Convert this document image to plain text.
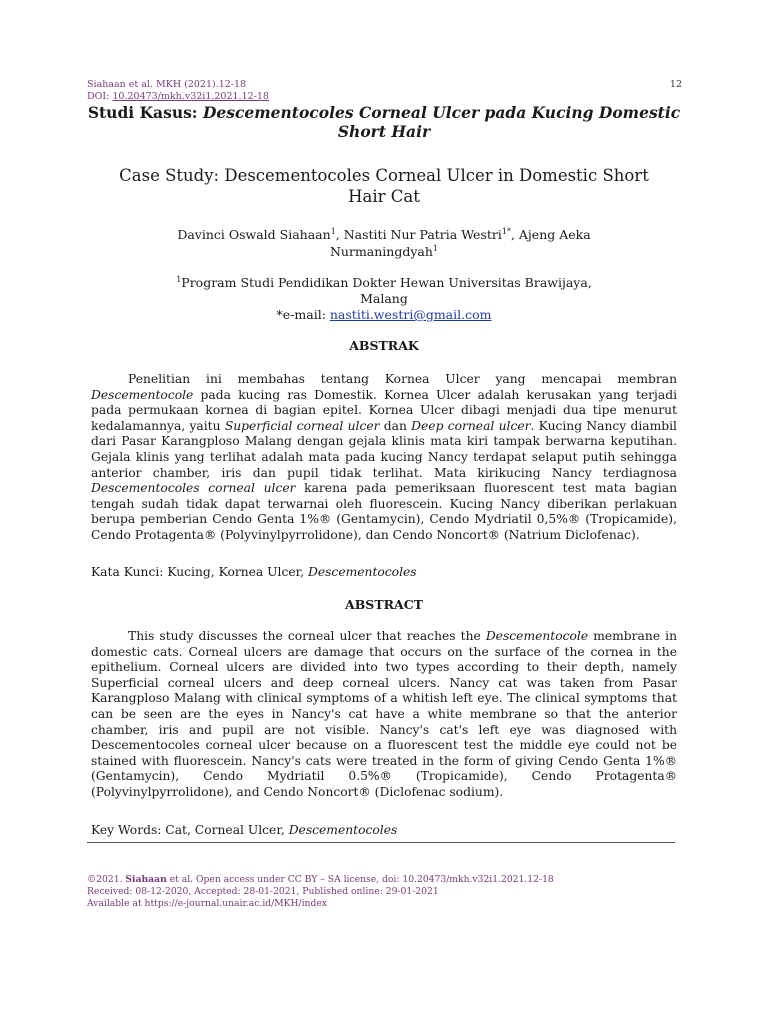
Siahaan et al. MKH (2021).12-18
DOI: 10.20473/mkh.v32i1.2021.12-18
12
Studi Kasus: Descementocoles Corneal Ulcer pada Kucing Domestic
Short Hair
Case Study: Descementocoles Corneal Ulcer in Domestic Short Hair Cat
Davinci Oswald Siahaan$^1$, Nastiti Nur Patria Westri$^{1*}$, Ajeng Aeka Nurmaningdyah$^1$
$^1$Program Studi Pendidikan Dokter Hewan Universitas Brawijaya,
Malang
*e-mail: nastiti.westri@gmail.com
ABSTRAK
Penelitian ini membahas tentang Kornea Ulcer yang mencapai membran Descementocole pada kucing ras Domestik. Kornea Ulcer adalah kerusakan yang terjadi pada permukaan kornea di bagian epitel. Kornea Ulcer dibagi menjadi dua tipe menurut kedalamannya, yaitu Superficial corneal ulcer dan Deep corneal ulcer. Kucing Nancy diambil dari Pasar Karangploso Malang dengan gejala klinis mata kiri tampak berwarna keputihan. Gejala klinis yang terlihat adalah mata pada kucing Nancy terdapat selaput putih sehingga anterior chamber, iris dan pupil tidak terlihat. Mata kirikucing Nancy terdiagnosa Descementocoles corneal ulcer karena pada pemeriksaan fluorescent test mata bagian tengah sudah tidak dapat terwarnai oleh fluorescein. Kucing Nancy diberikan perlakuan berupa pemberian Cendo Genta 1%® (Gentamycin), Cendo Mydriatil 0,5%® (Tropicamide), Cendo Protagenta® (Polyvinylpyrrolidone), dan Cendo Noncort® (Natrium Diclofenac).
Kata Kunci: Kucing, Kornea Ulcer, Descementocoles
ABSTRACT
This study discusses the corneal ulcer that reaches the Descementocole membrane in domestic cats. Corneal ulcers are damage that occurs on the surface of the cornea in the epithelium. Corneal ulcers are divided into two types according to their depth, namely Superficial corneal ulcers and deep corneal ulcers. Nancy cat was taken from Pasar Karangploso Malang with clinical symptoms of a whitish left eye. The clinical symptoms that can be seen are the eyes in Nancy's cat have a white membrane so that the anterior chamber, iris and pupil are not visible. Nancy's cat's left eye was diagnosed with Descementocoles corneal ulcer because on a fluorescent test the middle eye could not be stained with fluorescein. Nancy's cats were treated in the form of giving Cendo Genta 1%® (Gentamycin), Cendo Mydriatil 0.5%® (Tropicamide), Cendo Protagenta® (Polyvinylpyrrolidone), and Cendo Noncort® (Diclofenac sodium).
Key Words: Cat, Corneal Ulcer, Descementocoles
©2021. Siahaan et al. Open access under CC BY – SA license, doi: 10.20473/mkh.v32i1.2021.12-18
Received: 08-12-2020, Accepted: 28-01-2021, Published online: 29-01-2021
Available at https://e-journal.unair.ac.id/MKH/index
